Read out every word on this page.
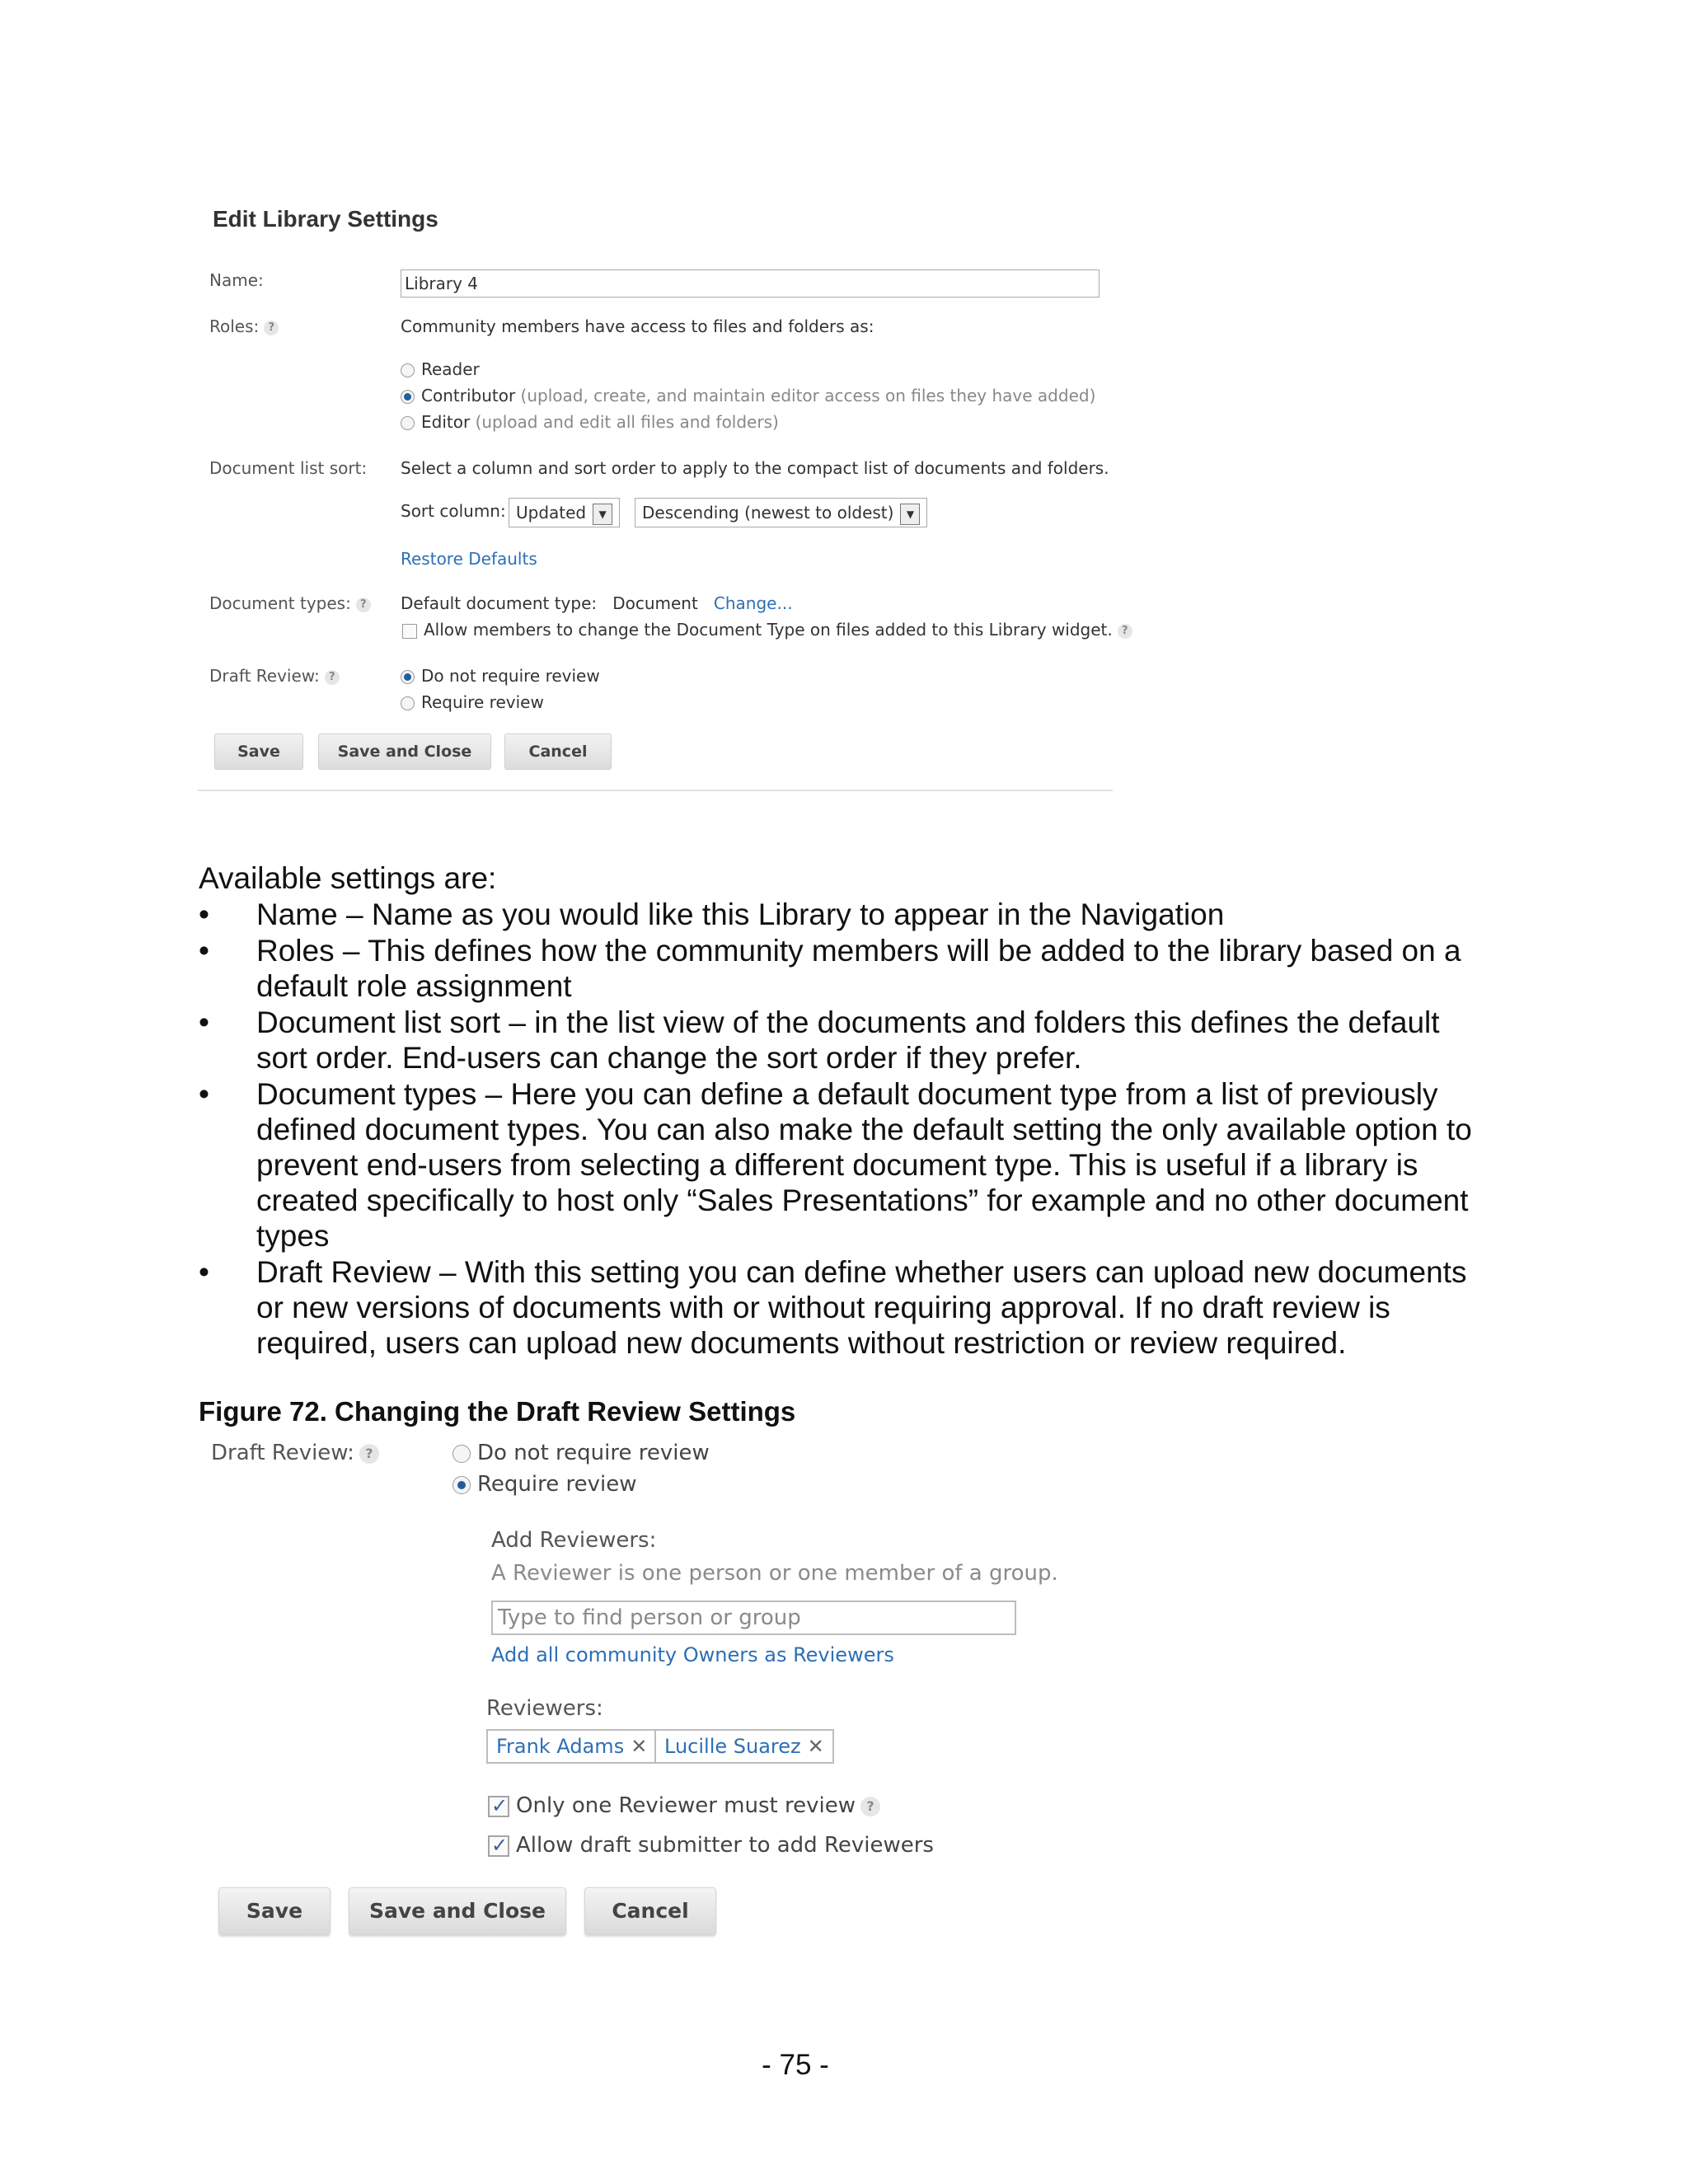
Edit Library Settings
Name:	Library 4
Roles: ?	Community members have access to files and folders as:
Reader
Contributor (upload, create, and maintain editor access on files they have added)
Editor (upload and edit all files and folders)
Document list sort: Select a column and sort order to apply to the compact list of documents and folders.
Sort column: Updated ▼	Descending (newest to oldest) ▼
Restore Defaults
Document types: ? Default document type: Document Change...
Allow members to change the Document Type on files added to this Library widget. ?
Draft Review: ?	Do not require review
Require review
Save	Save and Close	Cancel
Available settings are:
• Name – Name as you would like this Library to appear in the Navigation
• Roles – This defines how the community members will be added to the library based on a default role assignment
• Document list sort – in the list view of the documents and folders this defines the default sort order. End-users can change the sort order if they prefer.
• Document types – Here you can define a default document type from a list of previously defined document types. You can also make the default setting the only available option to prevent end-users from selecting a different document type. This is useful if a library is created specifically to host only “Sales Presentations” for example and no other document types
• Draft Review – With this setting you can define whether users can upload new documents or new versions of documents with or without requiring approval. If no draft review is required, users can upload new documents without restriction or review required.
Figure 72. Changing the Draft Review Settings
Draft Review: ?	Do not require review
Require review
Add Reviewers:
A Reviewer is one person or one member of a group.
Type to find person or group
Add all community Owners as Reviewers
Reviewers:
Frank Adams ✕ Lucille Suarez ✕
✓Only one Reviewer must review ?
✓Allow draft submitter to add Reviewers
Save	Save and Close	Cancel
- 75 -
